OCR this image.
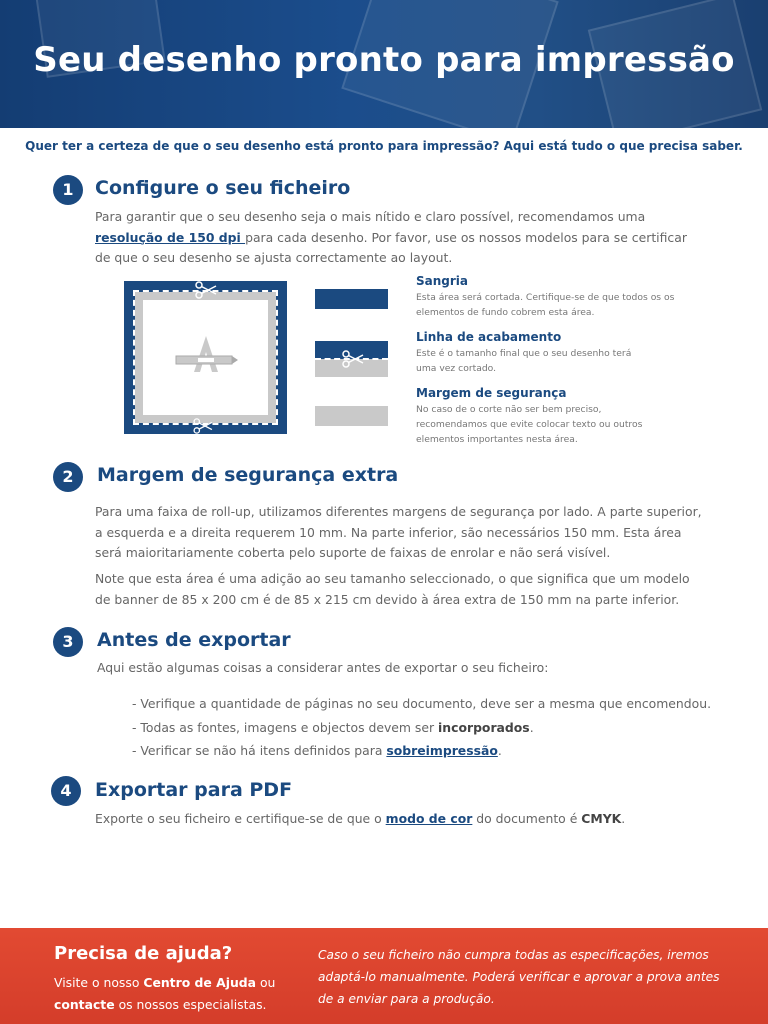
Seu desenho pronto para impressão
Quer ter a certeza de que o seu desenho está pronto para impressão? Aqui está tudo o que precisa saber.
1	Configure o seu ficheiro
Para garantir que o seu desenho seja o mais nítido e claro possível, recomendamos uma resolução de 150 dpi para cada desenho. Por favor, use os nossos modelos para se certificar de que o seu desenho se ajusta correctamente ao layout.
Sangria
Esta área será cortada. Certifique-se de que todos os os elementos de fundo cobrem esta área.
Linha de acabamento
Este é o tamanho final que o seu desenho terá uma vez cortado.
Margem de segurança
No caso de o corte não ser bem preciso, recomendamos que evite colocar texto ou outros elementos importantes nesta área.
2	Margem de segurança extra
Para uma faixa de roll-up, utilizamos diferentes margens de segurança por lado. A parte superior, a esquerda e a direita requerem 10 mm. Na parte inferior, são necessários 150 mm. Esta área será maioritariamente coberta pelo suporte de faixas de enrolar e não será visível.
Note que esta área é uma adição ao seu tamanho seleccionado, o que significa que um modelo de banner de 85 x 200 cm é de 85 x 215 cm devido à área extra de 150 mm na parte inferior.
3	Antes de exportar
Aqui estão algumas coisas a considerar antes de exportar o seu ficheiro:
- Verifique a quantidade de páginas no seu documento, deve ser a mesma que encomendou.
- Todas as fontes, imagens e objectos devem ser incorporados.
- Verificar se não há itens definidos para sobreimpressão.
4	Exportar para PDF
Exporte o seu ficheiro e certifique-se de que o modo de cor do documento é CMYK.
Precisa de ajuda?
Visite o nosso Centro de Ajuda ou
contacte os nossos especialistas.
Caso o seu ficheiro não cumpra todas as especificações, iremos adaptá-lo manualmente. Poderá verificar e aprovar a prova antes de a enviar para a produção.
